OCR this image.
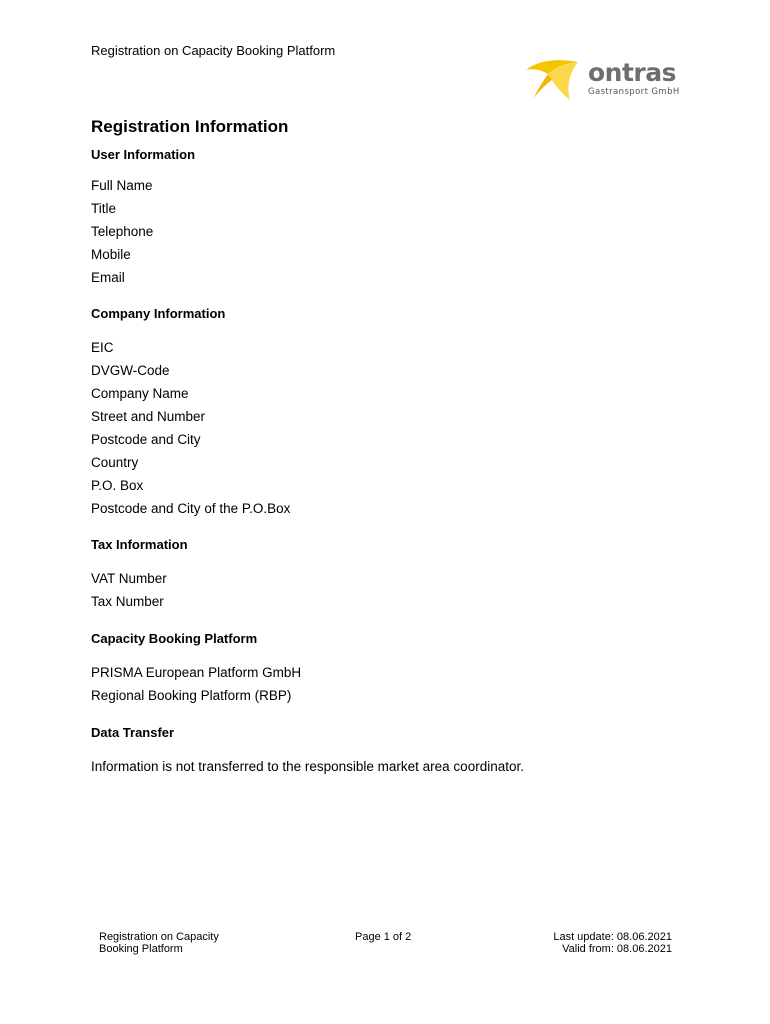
Registration on Capacity Booking Platform
ontras
Gastransport GmbH
Registration Information
User Information
Full Name
Title
Telephone
Mobile
Email
Company Information
EIC
DVGW-Code
Company Name
Street and Number
Postcode and City
Country
P.O. Box
Postcode and City of the P.O.Box
Tax Information
VAT Number
Tax Number
Capacity Booking Platform
PRISMA European Platform GmbH
Regional Booking Platform (RBP)
Data Transfer
Information is not transferred to the responsible market area coordinator.
Registration on Capacity
Booking Platform
Page 1 of 2	Last update: 08.06.2021
Valid from: 08.06.2021
